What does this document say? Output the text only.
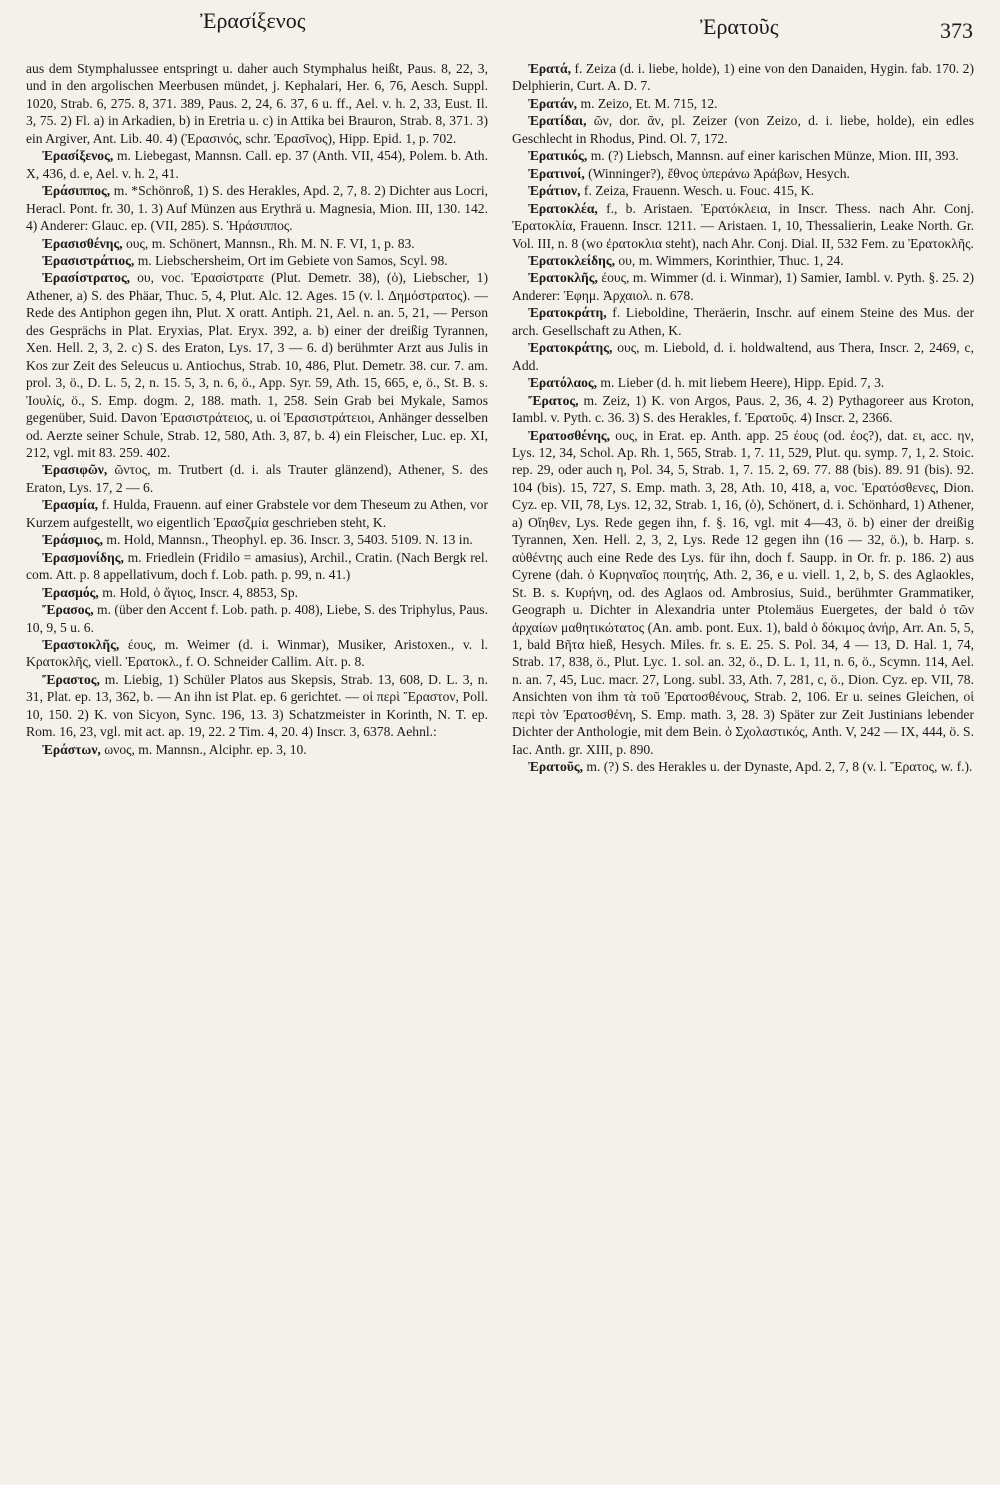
Ἐρασίξενος	Ἐρατοῦς	373

aus dem Stymphalussee entspringt u. daher auch Stymphalus heißt, Paus. 8, 22, 3, und in den argolischen Meerbusen mündet, j. Kephalari, Her. 6, 76, Aesch. Suppl. 1020, Strab. 6, 275. 8, 371. 389, Paus. 2, 24, 6. 37, 6 u. ff., Ael. v. h. 2, 33, Eust. Il. 3, 75. 2) Fl. a) in Arkadien, b) in Eretria u. c) in Attika bei Brauron, Strab. 8, 371. 3) ein Argiver, Ant. Lib. 40. 4) (Ἐρασινός, schr. Ἐρασῖνος), Hipp. Epid. 1, p. 702.

Ἐρασίξενος, m. Liebegast, Mannsn. Call. ep. 37 (Anth. VII, 454), Polem. b. Ath. X, 436, d. e, Ael. v. h. 2, 41.

Ἐράσιππος, m. *Schönroß, 1) S. des Herakles, Apd. 2, 7, 8. 2) Dichter aus Locri, Heracl. Pont. fr. 30, 1. 3) Auf Münzen aus Erythrä u. Magnesia, Mion. III, 130. 142. 4) Anderer: Glauc. ep. (VII, 285). S. Ἡράσιππος.

Ἐρασισθένης, ους, m. Schönert, Mannsn., Rh. M. N. F. VI, 1, p. 83.

Ἐρασιστράτιος, m. Liebschersheim, Ort im Gebiete von Samos, Scyl. 98.

Ἐρασίστρατος, ου, voc. Ἐρασίστρατε (Plut. Demetr. 38), (ὁ), Liebscher, 1) Athener, a) S. des Phäar, Thuc. 5, 4, Plut. Alc. 12. Ages. 15 (v. l. Δημόστρατος). — Rede des Antiphon gegen ihn, Plut. X oratt. Antiph. 21, Ael. n. an. 5, 21, — Person des Gesprächs in Plat. Eryxias, Plat. Eryx. 392, a. b) einer der dreißig Tyrannen, Xen. Hell. 2, 3, 2. c) S. des Eraton, Lys. 17, 3 — 6. d) berühmter Arzt aus Julis in Kos zur Zeit des Seleucus u. Antiochus, Strab. 10, 486, Plut. Demetr. 38. cur. 7. am. prol. 3, ö., D. L. 5, 2, n. 15. 5, 3, n. 6, ö., App. Syr. 59, Ath. 15, 665, e, ö., St. B. s. Ἰουλίς, ö., S. Emp. dogm. 2, 188. math. 1, 258. Sein Grab bei Mykale, Samos gegenüber, Suid. Davon Ἐρασιστράτειος, u. οἱ Ἐρασιστράτειοι, Anhänger desselben od. Aerzte seiner Schule, Strab. 12, 580, Ath. 3, 87, b. 4) ein Fleischer, Luc. ep. XI, 212, vgl. mit 83. 259. 402.

Ἐρασιφῶν, ῶντος, m. Trutbert (d. i. als Trauter glänzend), Athener, S. des Eraton, Lys. 17, 2 — 6.

Ἐρασμία, f. Hulda, Frauenn. auf einer Grabstele vor dem Theseum zu Athen, vor Kurzem aufgestellt, wo eigentlich Ἐρασζμία geschrieben steht, K.

Ἐράσμιος, m. Hold, Mannsn., Theophyl. ep. 36. Inscr. 3, 5403. 5109. N. 13 in.

Ἐρασμονίδης, m. Friedlein (Fridilo = amasius), Archil., Cratin. (Nach Bergk rel. com. Att. p. 8 appellativum, doch f. Lob. path. p. 99, n. 41.)

Ἐρασμός, m. Hold, ὁ ἅγιος, Inscr. 4, 8853, Sp.

Ἔρασος, m. (über den Accent f. Lob. path. p. 408), Liebe, S. des Triphylus, Paus. 10, 9, 5 u. 6.

Ἐραστοκλῆς, έους, m. Weimer (d. i. Winmar), Musiker, Aristoxen., v. l. Κρατοκλῆς, viell. Ἐρατοκλ., f. O. Schneider Callim. Αἰτ. p. 8.

Ἔραστος, m. Liebig, 1) Schüler Platos aus Skepsis, Strab. 13, 608, D. L. 3, n. 31, Plat. ep. 13, 362, b. — An ihn ist Plat. ep. 6 gerichtet. — οἱ περὶ Ἔραστον, Poll. 10, 150. 2) K. von Sicyon, Sync. 196, 13. 3) Schatzmeister in Korinth, N. T. ep. Rom. 16, 23, vgl. mit act. ap. 19, 22. 2 Tim. 4, 20. 4) Inscr. 3, 6378. Aehnl.:

Ἐράστων, ωνος, m. Mannsn., Alciphr. ep. 3, 10.

Ἐρατά, f. Zeiza (d. i. liebe, holde), 1) eine von den Danaiden, Hygin. fab. 170. 2) Delphierin, Curt. A. D. 7.

Ἐρατάν, m. Zeizo, Et. M. 715, 12.

Ἐρατίδαι, ῶν, dor. ᾶν, pl. Zeizer (von Zeizo, d. i. liebe, holde), ein edles Geschlecht in Rhodus, Pind. Ol. 7, 172.

Ἐρατικός, m. (?) Liebsch, Mannsn. auf einer karischen Münze, Mion. III, 393.

Ἐρατινοί, (Winninger?), ἔθνος ὑπεράνω Ἀράβων, Hesych.

Ἐράτιον, f. Zeiza, Frauenn. Wesch. u. Fouc. 415, K.

Ἐρατοκλέα, f., b. Aristaen. Ἐρατόκλεια, in Inscr. Thess. nach Ahr. Conj. Ἐρατοκλία, Frauenn. Inscr. 1211. — Aristaen. 1, 10, Thessalierin, Leake North. Gr. Vol. III, n. 8 (wo ἐρατοκλια steht), nach Ahr. Conj. Dial. II, 532 Fem. zu Ἐρατοκλῆς.

Ἐρατοκλείδης, ου, m. Wimmers, Korinthier, Thuc. 1, 24.

Ἐρατοκλῆς, έους, m. Wimmer (d. i. Winmar), 1) Samier, Iambl. v. Pyth. §. 25. 2) Anderer: Ἐφημ. Ἀρχαιολ. n. 678.

Ἐρατοκράτη, f. Lieboldine, Theräerin, Inschr. auf einem Steine des Mus. der arch. Gesellschaft zu Athen, K.

Ἐρατοκράτης, ους, m. Liebold, d. i. holdwaltend, aus Thera, Inscr. 2, 2469, c, Add.

Ἐρατόλαος, m. Lieber (d. h. mit liebem Heere), Hipp. Epid. 7, 3.

Ἔρατος, m. Zeiz, 1) K. von Argos, Paus. 2, 36, 4. 2) Pythagoreer aus Kroton, Iambl. v. Pyth. c. 36. 3) S. des Herakles, f. Ἐρατοῦς. 4) Inscr. 2, 2366.

Ἐρατοσθένης, ους, in Erat. ep. Anth. app. 25 έους (od. έος?), dat. ει, acc. ην, Lys. 12, 34, Schol. Ap. Rh. 1, 565, Strab. 1, 7. 11, 529, Plut. qu. symp. 7, 1, 2. Stoic. rep. 29, oder auch η, Pol. 34, 5, Strab. 1, 7. 15. 2, 69. 77. 88 (bis). 89. 91 (bis). 92. 104 (bis). 15, 727, S. Emp. math. 3, 28, Ath. 10, 418, a, voc. Ἐρατόσθενες, Dion. Cyz. ep. VII, 78, Lys. 12, 32, Strab. 1, 16, (ὁ), Schönert, d. i. Schönhard, 1) Athener, a) Οἴηθεν, Lys. Rede gegen ihn, f. §. 16, vgl. mit 4—43, ö. b) einer der dreißig Tyrannen, Xen. Hell. 2, 3, 2, Lys. Rede 12 gegen ihn (16 — 32, ö.), b. Harp. s. αὐθέντης auch eine Rede des Lys. für ihn, doch f. Saupp. in Or. fr. p. 186. 2) aus Cyrene (dah. ὁ Κυρηναῖος ποιητής, Ath. 2, 36, e u. viell. 1, 2, b, S. des Aglaokles, St. B. s. Κυρήνη, od. des Aglaos od. Ambrosius, Suid., berühmter Grammatiker, Geograph u. Dichter in Alexandria unter Ptolemäus Euergetes, der bald ὁ τῶν ἀρχαίων μαθητικώτατος (An. amb. pont. Eux. 1), bald ὁ δόκιμος ἀνήρ, Arr. An. 5, 5, 1, bald Βῆτα hieß, Hesych. Miles. fr. s. E. 25. S. Pol. 34, 4 — 13, D. Hal. 1, 74, Strab. 17, 838, ö., Plut. Lyc. 1. sol. an. 32, ö., D. L. 1, 11, n. 6, ö., Scymn. 114, Ael. n. an. 7, 45, Luc. macr. 27, Long. subl. 33, Ath. 7, 281, c, ö., Dion. Cyz. ep. VII, 78. Ansichten von ihm τὰ τοῦ Ἐρατοσθένους, Strab. 2, 106. Er u. seines Gleichen, οἱ περὶ τὸν Ἐρατοσθένη, S. Emp. math. 3, 28. 3) Später zur Zeit Justinians lebender Dichter der Anthologie, mit dem Bein. ὁ Σχολαστικός, Anth. V, 242 — IX, 444, ö. S. Iac. Anth. gr. XIII, p. 890.

Ἐρατοῦς, m. (?) S. des Herakles u. der Dynaste, Apd. 2, 7, 8 (v. l. Ἔρατος, w. f.).
